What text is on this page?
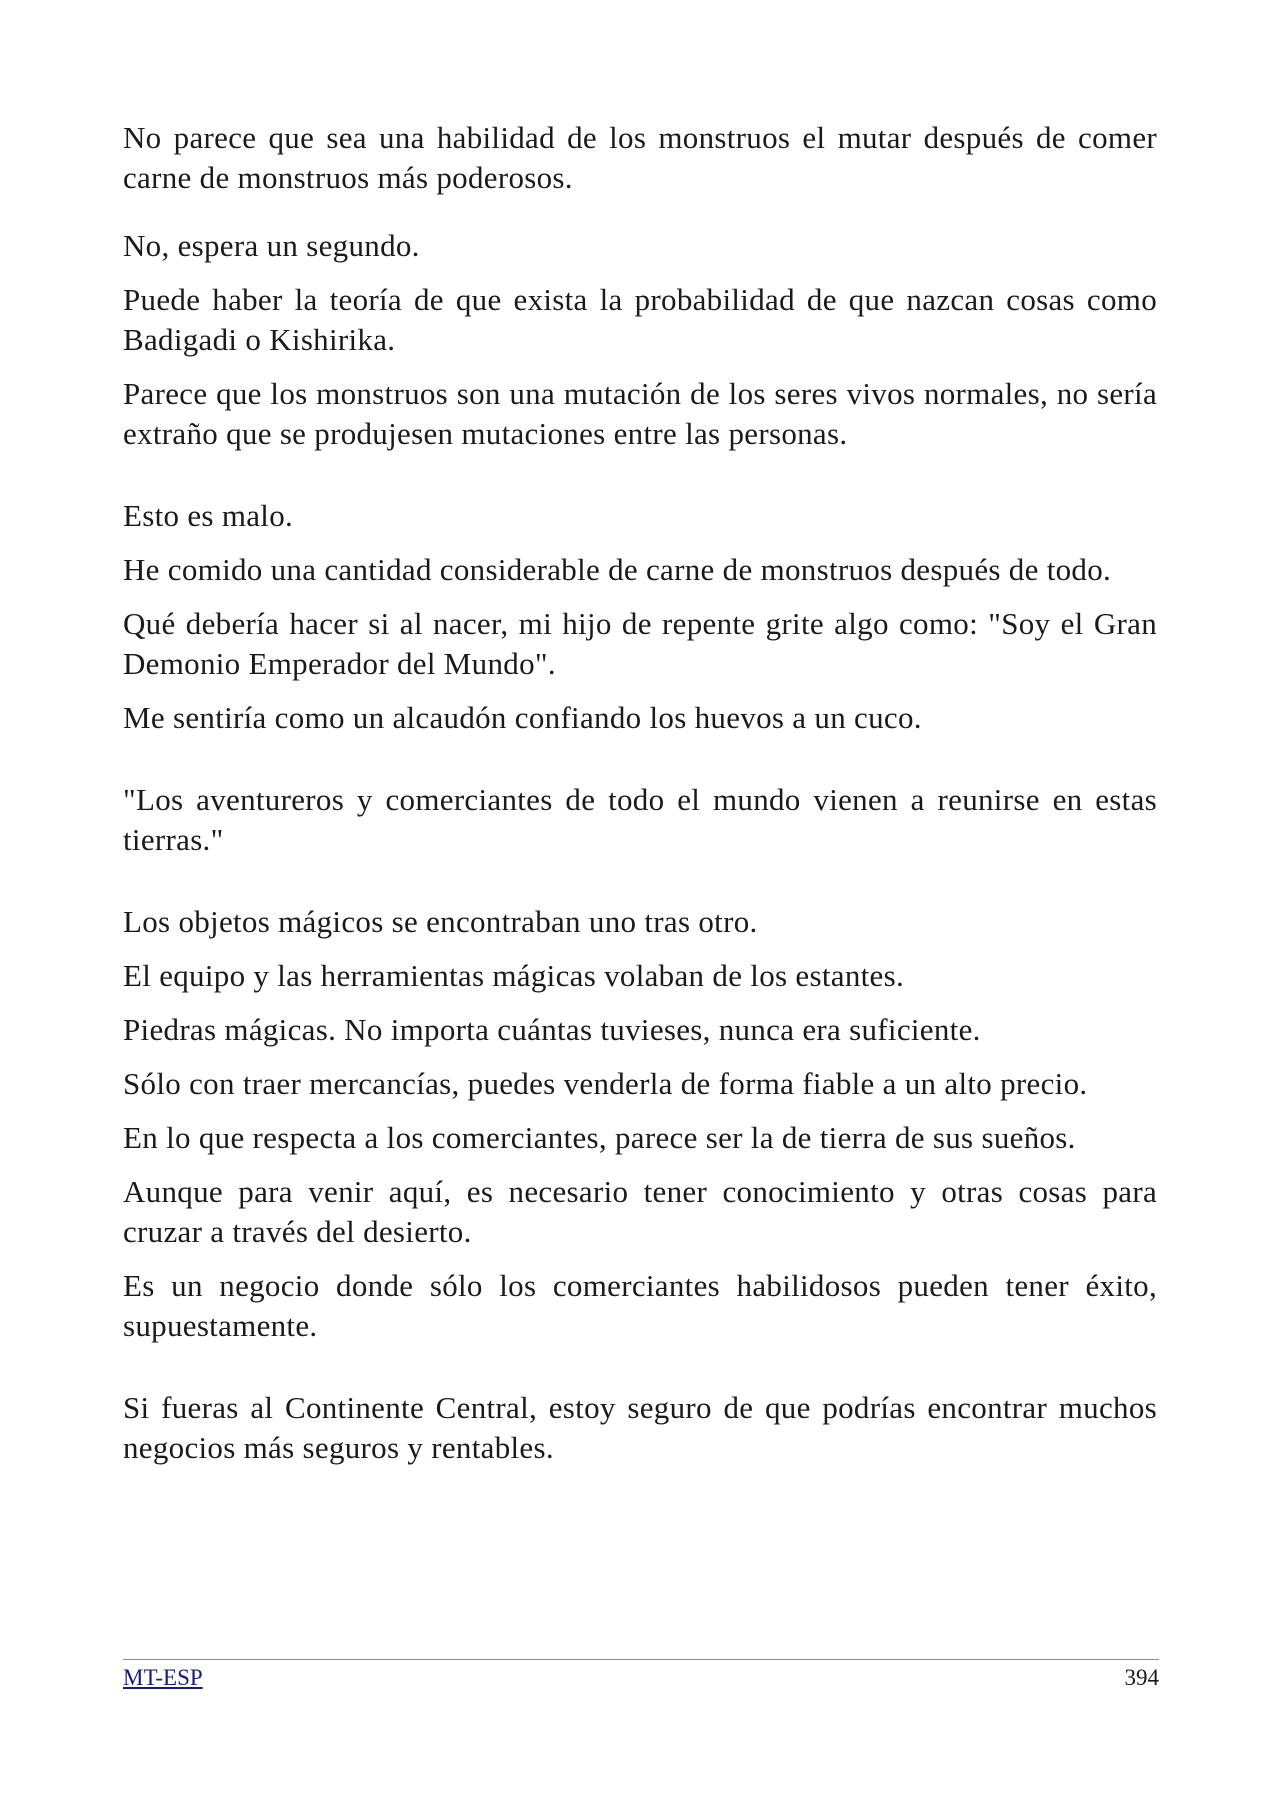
No parece que sea una habilidad de los monstruos el mutar después de comer carne de monstruos más poderosos.

No, espera un segundo.

Puede haber la teoría de que exista la probabilidad de que nazcan cosas como Badigadi o Kishirika.

Parece que los monstruos son una mutación de los seres vivos normales, no sería extraño que se produjesen mutaciones entre las personas.

Esto es malo.

He comido una cantidad considerable de carne de monstruos después de todo.

Qué debería hacer si al nacer, mi hijo de repente grite algo como: "Soy el Gran Demonio Emperador del Mundo".

Me sentiría como un alcaudón confiando los huevos a un cuco.

"Los aventureros y comerciantes de todo el mundo vienen a reunirse en estas tierras."

Los objetos mágicos se encontraban uno tras otro.

El equipo y las herramientas mágicas volaban de los estantes.

Piedras mágicas. No importa cuántas tuvieses, nunca era suficiente.

Sólo con traer mercancías, puedes venderla de forma fiable a un alto precio.

En lo que respecta a los comerciantes, parece ser la de tierra de sus sueños.

Aunque para venir aquí, es necesario tener conocimiento y otras cosas para cruzar a través del desierto.

Es un negocio donde sólo los comerciantes habilidosos pueden tener éxito, supuestamente.

Si fueras al Continente Central, estoy seguro de que podrías encontrar muchos negocios más seguros y rentables.

MT-ESP	394
